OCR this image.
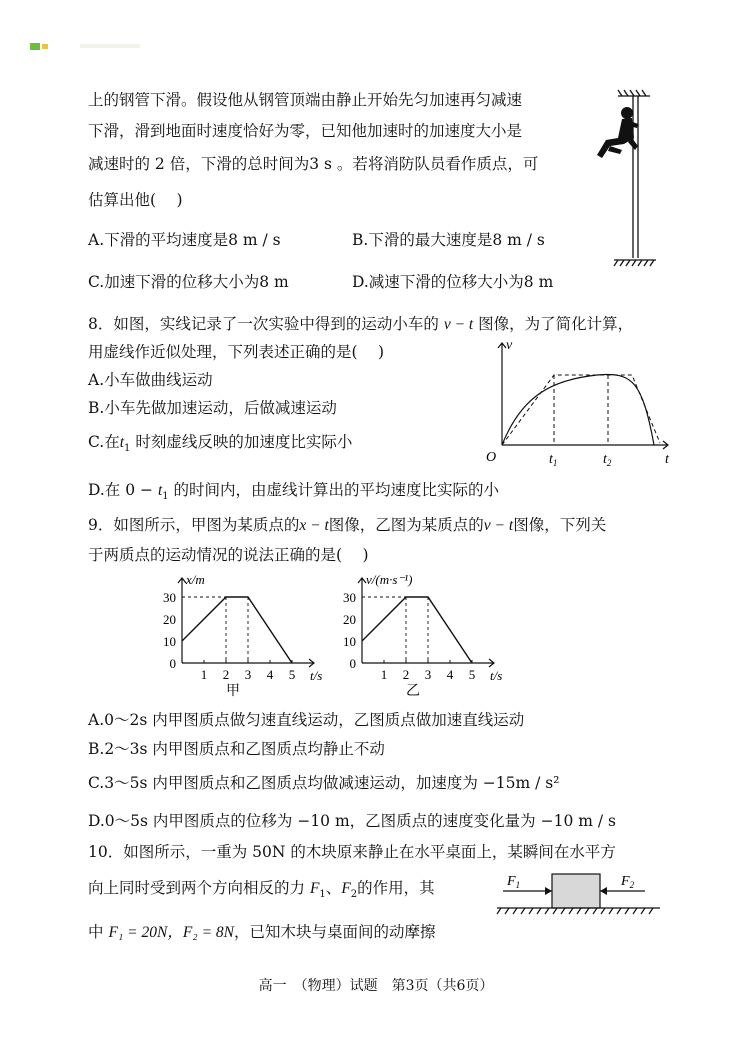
上的钢管下滑。假设他从钢管顶端由静止开始先匀加速再匀减速
下滑，滑到地面时速度恰好为零，已知他加速时的加速度大小是
减速时的 2 倍，下滑的总时间为3 s 。若将消防队员看作质点，可
估算出他(　 )
A.下滑的平均速度是8 m / s	B.下滑的最大速度是8 m / s
C.加速下滑的位移大小为8 m	D.减速下滑的位移大小为8 m
8．如图，实线记录了一次实验中得到的运动小车的 v − t 图像，为了简化计算，
用虚线作近似处理，下列表述正确的是(　 )
A.小车做曲线运动
B.小车先做加速运动，后做减速运动
C.在$t_1$ 时刻虚线反映的加速度比实际小
D.在 $0 - t_1$ 的时间内，由虚线计算出的平均速度比实际的小
v
t
O	$t_1$	$t_2$
9．如图所示，甲图为某质点的x − t图像，乙图为某质点的v − t图像，下列关
于两质点的运动情况的说法正确的是(　 )
x/m
t/s
0
10
20
30
1 2 3 4 5
甲
v/(m·s⁻¹)
t/s
0
10
20
30
1 2 3 4 5
乙
A.0～2s 内甲图质点做匀速直线运动，乙图质点做加速直线运动
B.2～3s 内甲图质点和乙图质点均静止不动
C.3～5s 内甲图质点和乙图质点均做减速运动，加速度为 −15m / s²
D.0～5s 内甲图质点的位移为 −10 m，乙图质点的速度变化量为 −10 m / s
10．如图所示，一重为 50N 的木块原来静止在水平桌面上，某瞬间在水平方
向上同时受到两个方向相反的力 $F_1$、$F_2$的作用，其
中 F₁ = 20N，F₂ = 8N，已知木块与桌面间的动摩擦
$F_1$	$F_2$
高一　（物理）试题　第3页（共6页）
